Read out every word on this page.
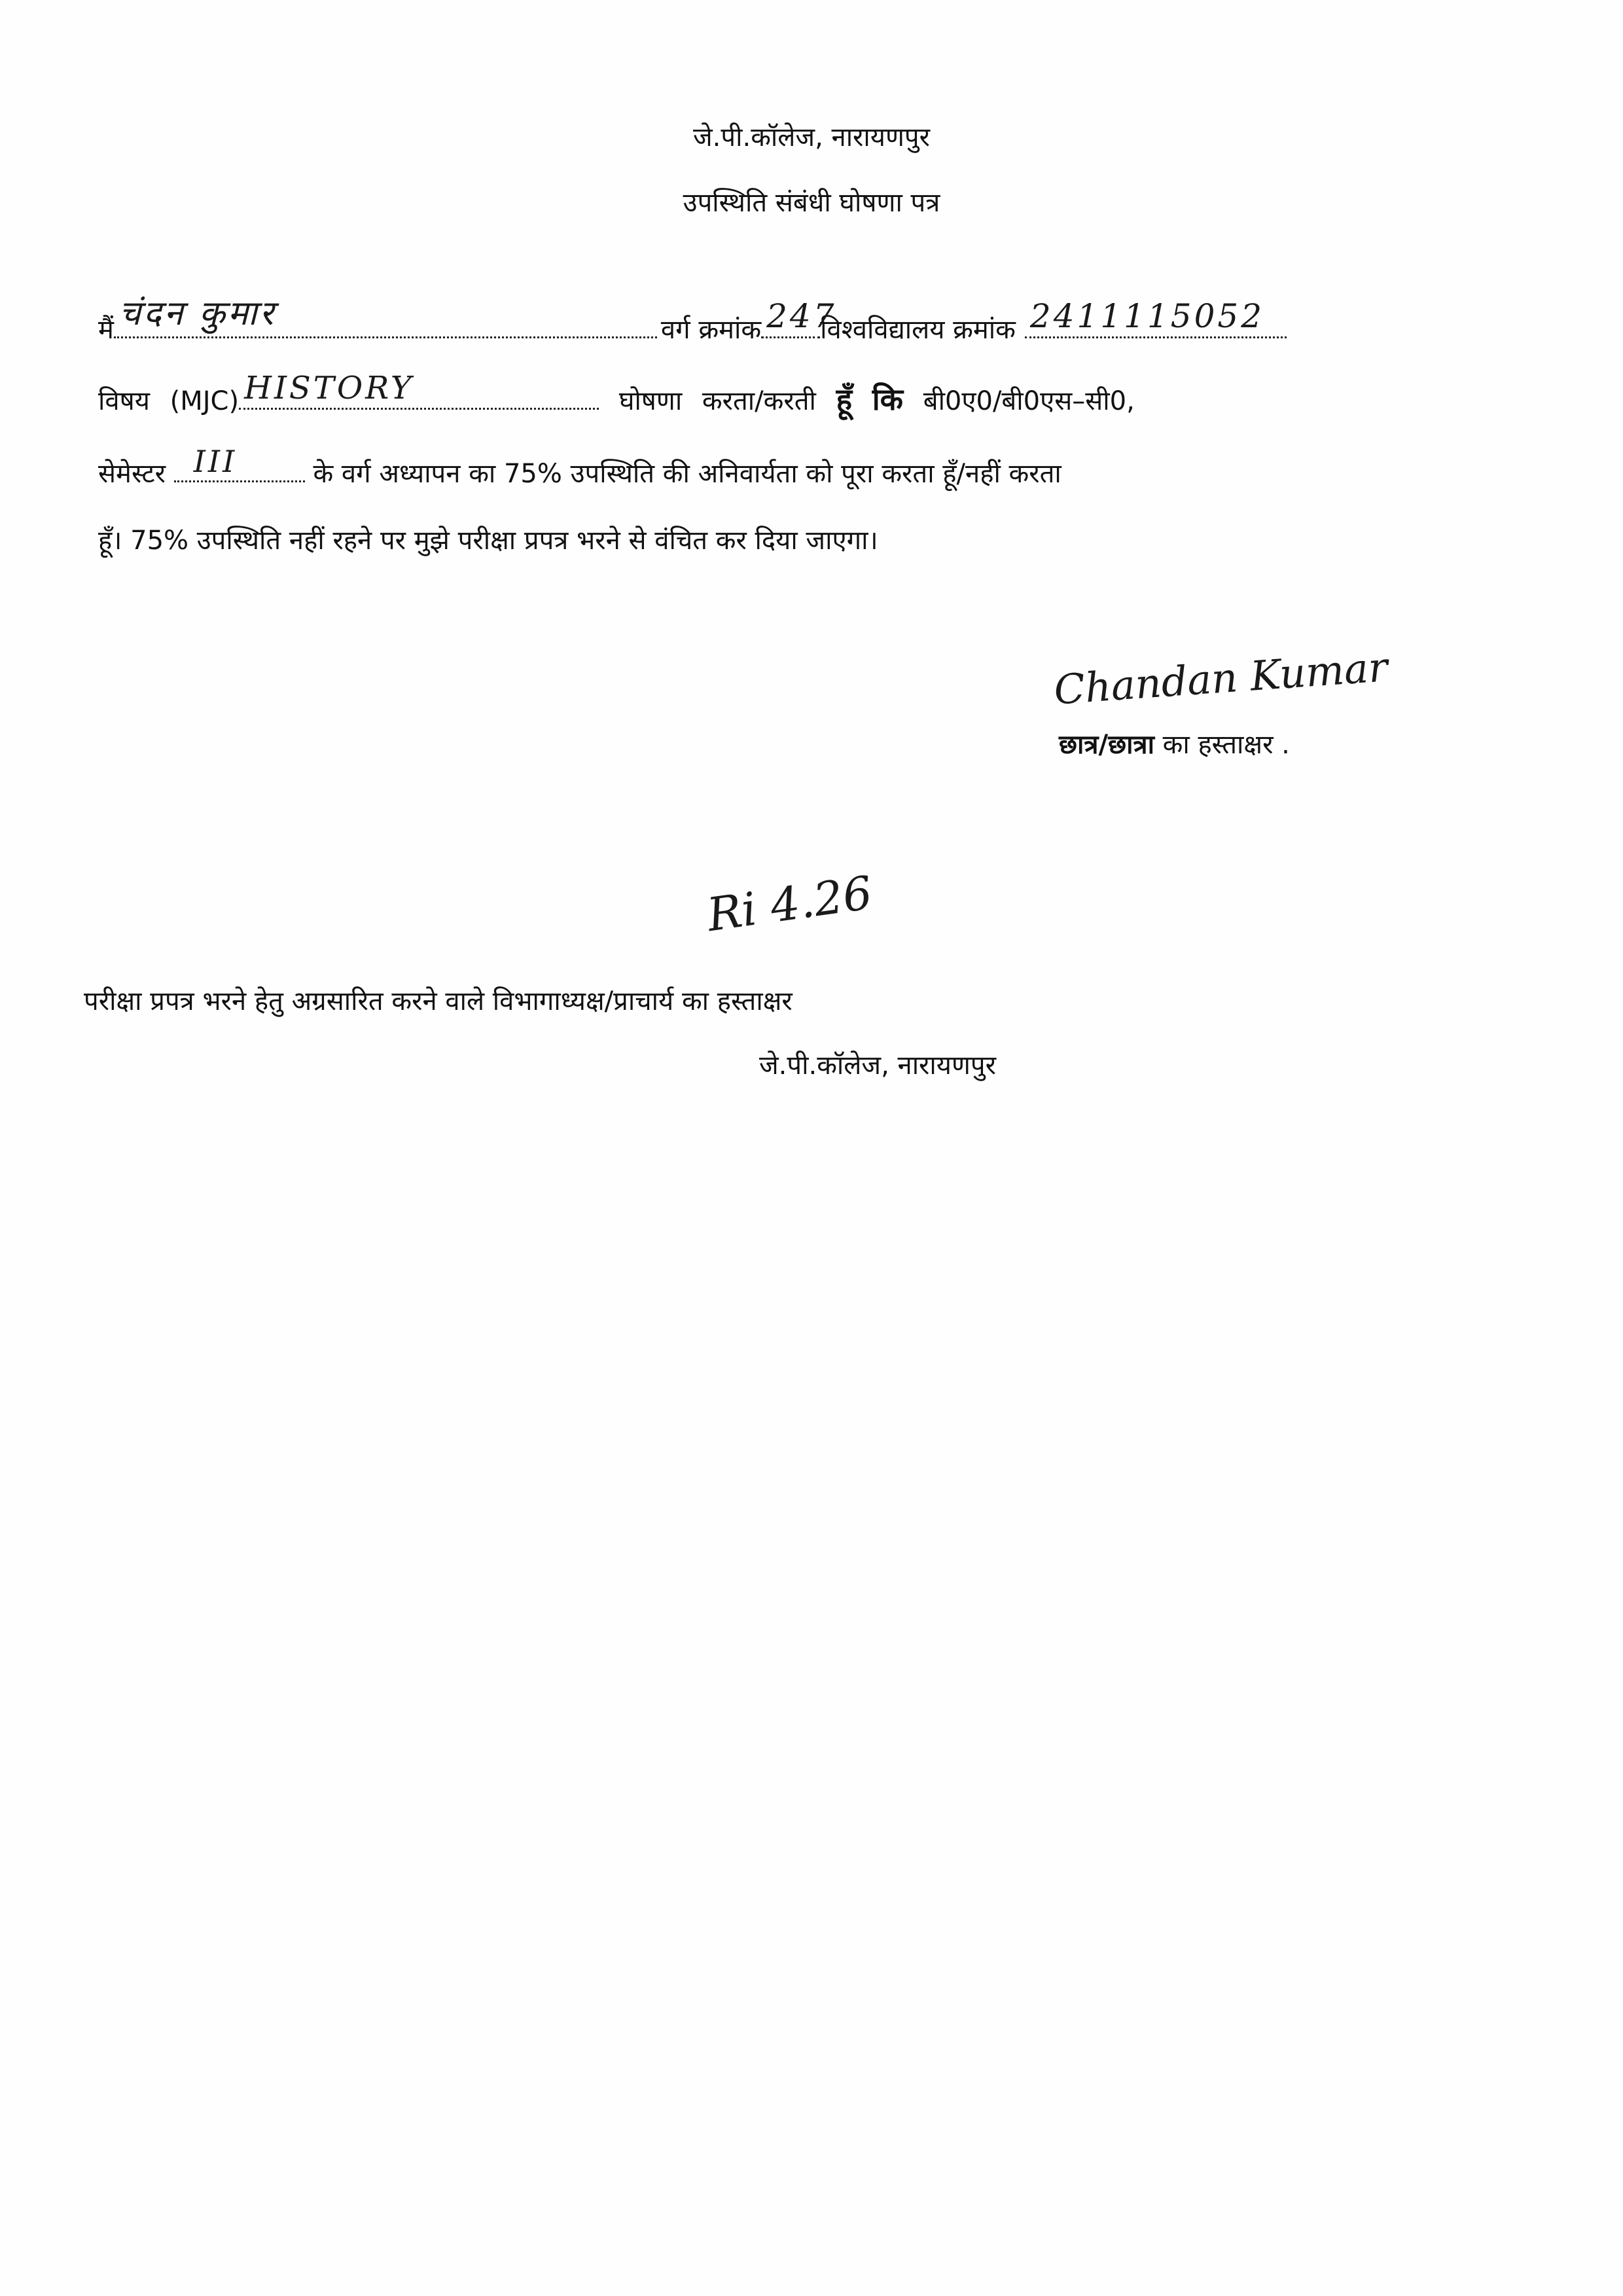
जे.पी.कॉलेज, नारायणपुर
उपस्थिति संबंधी घोषणा पत्र
मैं चंदन कुमार	वर्ग क्रमांक 247
विश्वविद्यालय क्रमांक 2411115052
विषय (MJC) HISTORY	घोषणा करता/करती हूँ कि बी0ए0/बी0एस–सी0,
सेमेस्टर III	के वर्ग अध्यापन का 75% उपस्थिति की अनिवार्यता को पूरा करता हूँ/नहीं करता
हूँ। 75% उपस्थिति नहीं रहने पर मुझे परीक्षा प्रपत्र भरने से वंचित कर दिया जाएगा।
Chandan Kumar
छात्र/छात्रा का हस्ताक्षर .
Ri 4.26
परीक्षा प्रपत्र भरने हेतु अग्रसारित करने वाले विभागाध्यक्ष/प्राचार्य का हस्ताक्षर
जे.पी.कॉलेज, नारायणपुर
